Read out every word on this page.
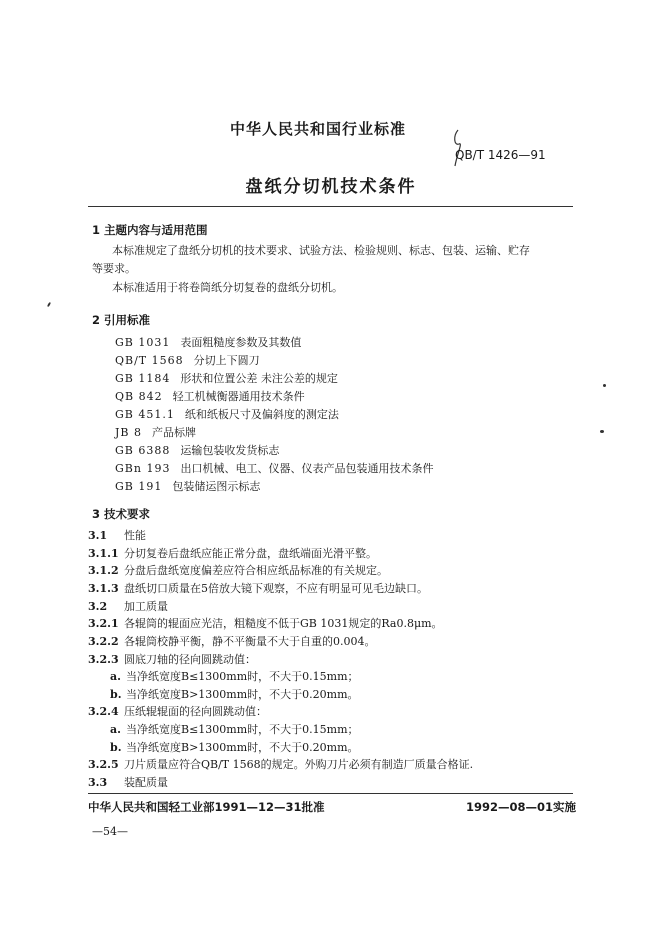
中华人民共和国行业标准
QB/T 1426—91
盘纸分切机技术条件
1 主题内容与适用范围
本标准规定了盘纸分切机的技术要求、试验方法、检验规则、标志、包装、运输、贮存
等要求。
本标准适用于将卷筒纸分切复卷的盘纸分切机。
2 引用标准
GB 1031 表面粗糙度参数及其数值
QB/T 1568 分切上下圆刀
GB 1184 形状和位置公差 未注公差的规定
QB 842 轻工机械衡器通用技术条件
GB 451.1 纸和纸板尺寸及偏斜度的测定法
JB 8 产品标牌
GB 6388 运输包装收发货标志
GBn 193 出口机械、电工、仪器、仪表产品包装通用技术条件
GB 191 包装储运图示标志
3 技术要求
3.1 性能
3.1.1 分切复卷后盘纸应能正常分盘，盘纸端面光滑平整。
3.1.2 分盘后盘纸宽度偏差应符合相应纸品标准的有关规定。
3.1.3 盘纸切口质量在5倍放大镜下观察，不应有明显可见毛边缺口。
3.2 加工质量
3.2.1 各辊筒的辊面应光洁，粗糙度不低于GB 1031规定的Ra0.8μm。
3.2.2 各辊筒校静平衡，静不平衡量不大于自重的0.004。
3.2.3 圆底刀轴的径向圆跳动值：
a. 当净纸宽度B≤1300mm时，不大于0.15mm；
b. 当净纸宽度B>1300mm时，不大于0.20mm。
3.2.4 压纸辊辊面的径向圆跳动值：
a. 当净纸宽度B≤1300mm时，不大于0.15mm；
b. 当净纸宽度B>1300mm时，不大于0.20mm。
3.2.5 刀片质量应符合QB/T 1568的规定。外购刀片必须有制造厂质量合格证.
中华人民共和国轻工业部1991—12—31批准	1992—08—01实施
—54—
3.3 装配质量
